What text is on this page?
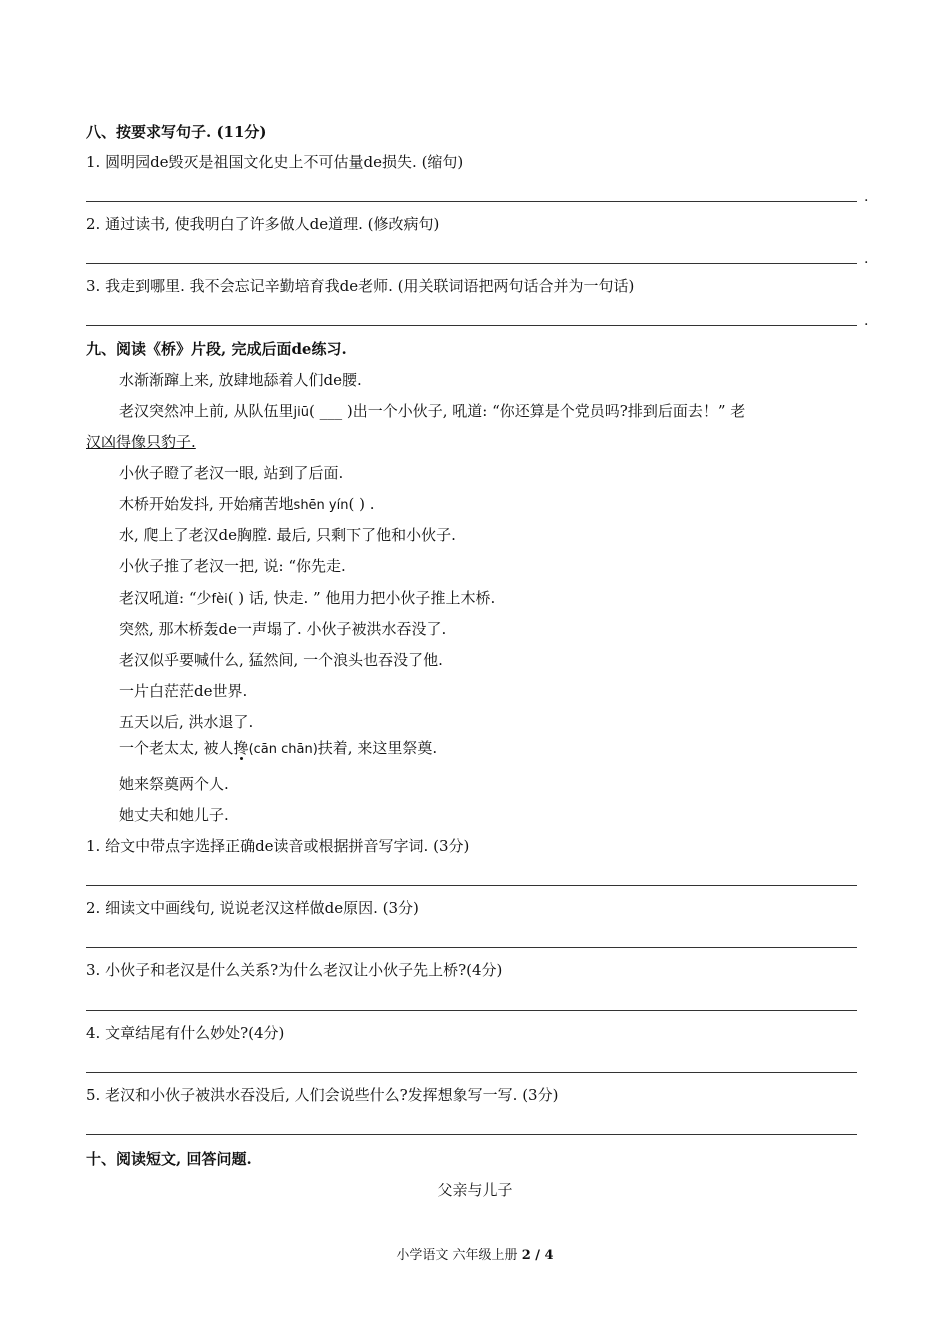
八、按要求写句子. (11分)
1. 圆明园de毁灭是祖国文化史上不可估量de损失. (缩句)
.
2. 通过读书, 使我明白了许多做人de道理. (修改病句)
.
3. 我走到哪里. 我不会忘记辛勤培育我de老师. (用关联词语把两句话合并为一句话)
.
九、阅读《桥》片段, 完成后面de练习.
水渐渐蹿上来, 放肆地舔着人们de腰.
老汉突然冲上前, 从队伍里jiū( ___ )出一个小伙子, 吼道: “你还算是个党员吗?排到后面去！” 老
汉凶得像只豹子.
小伙子瞪了老汉一眼, 站到了后面.
木桥开始发抖, 开始痛苦地shēn yín( ) .
水, 爬上了老汉de胸膛. 最后, 只剩下了他和小伙子.
小伙子推了老汉一把, 说: “你先走.
老汉吼道: “少fèi( ) 话, 快走. ” 他用力把小伙子推上木桥.
突然, 那木桥轰de一声塌了. 小伙子被洪水吞没了.
老汉似乎要喊什么, 猛然间, 一个浪头也吞没了他.
一片白茫茫de世界.
五天以后, 洪水退了.
一个老太太, 被人搀(cān chān)扶着, 来这里祭奠.
她来祭奠两个人.
她丈夫和她儿子.
1. 给文中带点字选择正确de读音或根据拼音写字词. (3分)
2. 细读文中画线句, 说说老汉这样做de原因. (3分)
3. 小伙子和老汉是什么关系?为什么老汉让小伙子先上桥?(4分)
4. 文章结尾有什么妙处?(4分)
5. 老汉和小伙子被洪水吞没后, 人们会说些什么?发挥想象写一写. (3分)
十、阅读短文, 回答问题.
父亲与儿子
小学语文 六年级上册 2 / 4
